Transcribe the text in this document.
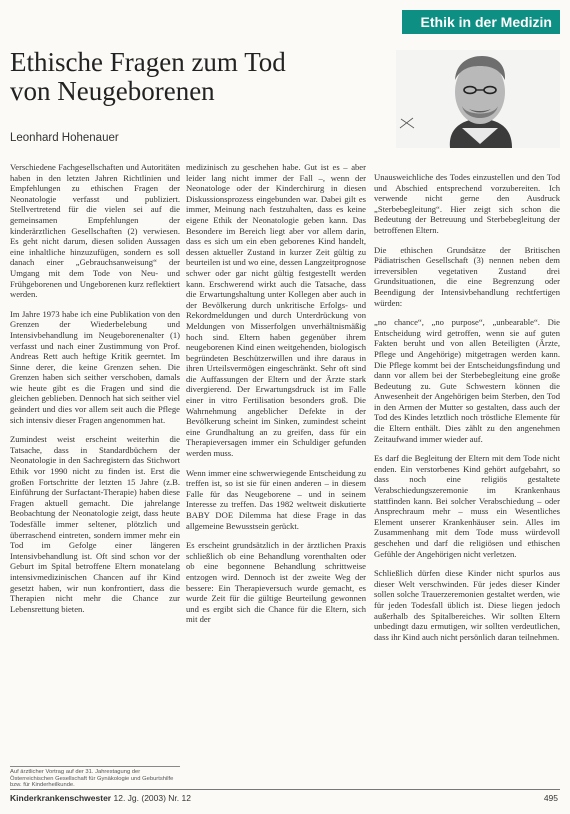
Ethik in der Medizin
Ethische Fragen zum Tod
von Neugeborenen
Leonhard Hohenauer

Verschiedene Fachgesellschaften und Autoritäten haben in den letzten Jahren Richtlinien und Empfehlungen zu ethischen Fragen der Neonatologie verfasst und publiziert. Stellvertretend für die vielen sei auf die gemeinsamen Empfehlungen der kinderärztlichen Gesellschaften (2) verwiesen. Es geht nicht darum, diesen soliden Aussagen eine inhaltliche hinzuzufügen, sondern es soll danach einer „Gebrauchsanweisung“ der Umgang mit dem Tode von Neu- und Frühgeborenen und Ungeborenen kurz reflektiert werden.

Im Jahre 1973 habe ich eine Publikation von den Grenzen der Wiederbelebung und Intensivbehandlung im Neugeborenenalter (1) verfasst und nach einer Zustimmung von Prof. Andreas Rett auch heftige Kritik geerntet. Im Sinne derer, die keine Grenzen sehen. Die Grenzen haben sich seither verschoben, damals wie heute gibt es die Fragen und sind die gleichen geblieben. Dennoch hat sich seither viel geändert und dies vor allem seit auch die Pflege sich intensiv dieser Fragen angenommen hat.

Zumindest weist erscheint weiterhin die Tatsache, dass in Standardbüchern der Neonatologie in den Sachregistern das Stichwort Ethik vor 1990 nicht zu finden ist. Erst die großen Fortschritte der letzten 15 Jahre (z.B. Einführung der Surfactant-Therapie) haben diese Fragen aktuell gemacht. Die jahrelange Beobachtung der Neonatologie zeigt, dass heute Todesfälle immer seltener, plötzlich und überraschend eintreten, sondern immer mehr ein Tod im Gefolge einer längeren Intensivbehandlung ist. Oft sind schon vor der Geburt im Spital betroffene Eltern monatelang intensivmedizinischen Chancen auf ihr Kind gesetzt haben, wir nun konfrontiert, dass die Therapien nicht mehr die Chance zur Lebensrettung bieten.

medizinisch zu geschehen habe. Gut ist es – aber leider lang nicht immer der Fall –, wenn der Neonatologe oder der Kinderchirurg in diesen Diskussionsprozess eingebunden war. Dabei gilt es immer, Meinung nach festzuhalten, dass es keine eigene Ethik der Neonatologie geben kann. Das Besondere im Bereich liegt aber vor allem darin, dass es sich um ein eben geborenes Kind handelt, dessen aktueller Zustand in kurzer Zeit gültig zu beurteilen ist und wo eine, dessen Langzeitprognose schwer oder gar nicht gültig festgestellt werden kann. Erschwerend wirkt auch die Tatsache, dass die Erwartungshaltung unter Kollegen aber auch in der Bevölkerung durch unkritische Erfolgs- und Rekordmeldungen und durch Unterdrückung von Meldungen von Misserfolgen unverhältnismäßig hoch sind. Eltern haben gegenüber ihrem neugeborenen Kind einen weitgehenden, biologisch begründeten Beschützerwillen und ihre daraus in ihren Urteilsvermögen eingeschränkt. Sehr oft sind die Auffassungen der Eltern und der Ärzte stark divergierend. Der Erwartungsdruck ist im Falle einer in vitro Fertilisation besonders groß. Die Wahrnehmung angeblicher Defekte in der Bevölkerung scheint im Sinken, zumindest scheint eine Grundhaltung an zu greifen, dass für ein Therapieversagen immer ein Schuldiger gefunden werden muss.

Wenn immer eine schwerwiegende Entscheidung zu treffen ist, so ist sie für einen anderen – in diesem Falle für das Neugeborene – und in seinem Interesse zu treffen. Das 1982 weltweit diskutierte BABY DOE Dilemma hat diese Frage in das allgemeine Bewusstsein gerückt.

Es erscheint grundsätzlich in der ärztlichen Praxis schließlich ob eine Behandlung vorenthalten oder ob eine begonnene Behandlung schrittweise entzogen wird. Dennoch ist der zweite Weg der bessere: Ein Therapieversuch wurde gemacht, es wurde Zeit für die gültige Beurteilung gewonnen und es ergibt sich die Chance für die Eltern, sich mit der

Unausweichliche des Todes einzustellen und den Tod und Abschied entsprechend vorzubereiten. Ich verwende nicht gerne den Ausdruck „Sterbebegleitung“. Hier zeigt sich schon die Bedeutung der Betreuung und Sterbebegleitung der betroffenen Eltern.

Die ethischen Grundsätze der Britischen Pädiatrischen Gesellschaft (3) nennen neben dem irreversiblen vegetativen Zustand drei Grundsituationen, die eine Begrenzung oder Beendigung der Intensivbehandlung rechtfertigen würden:

„no chance“, „no purpose“, „unbearable“. Die Entscheidung wird getroffen, wenn sie auf guten Fakten beruht und von allen Beteiligten (Ärzte, Pflege und Angehörige) mitgetragen werden kann. Die Pflege kommt bei der Entscheidungsfindung und dann vor allem bei der Sterbebegleitung eine große Bedeutung zu. Gute Schwestern können die Anwesenheit der Angehörigen beim Sterben, den Tod in den Armen der Mutter so gestalten, dass auch der Tod des Kindes letztlich noch tröstliche Elemente für die Eltern enthält. Dies zählt zu den angenehmen Zeitaufwand immer wieder auf.

Es darf die Begleitung der Eltern mit dem Tode nicht enden. Ein verstorbenes Kind gehört aufgebahrt, so dass noch eine religiös gestaltete Verabschiedungszeremonie im Krankenhaus stattfinden kann. Bei solcher Verabschiedung – oder Ansprechraum mehr – muss ein Wesentliches Element unserer Krankenhäuser sein. Alles im Zusammenhang mit dem Tode muss würdevoll geschehen und darf die religiösen und ethischen Gefühle der Angehörigen nicht verletzen.

Schließlich dürfen diese Kinder nicht spurlos aus dieser Welt verschwinden. Für jedes dieser Kinder sollen solche Trauerzeremonien gestaltet werden, wie für jeden Todesfall üblich ist. Diese liegen jedoch außerhalb des Spitalbereiches. Wir sollten Eltern unbedingt dazu ermutigen, wir sollten verdeutlichen, dass ihr Kind auch nicht persönlich daran teilnehmen.

Auf ärztlicher Vortrag auf der 31. Jahrestagung der Österreichischen Gesellschaft für Gynäkologie und Geburtshilfe bzw. für Kinderheilkunde.
Kinderkrankenschwester 12. Jg. (2003) Nr. 12	495
